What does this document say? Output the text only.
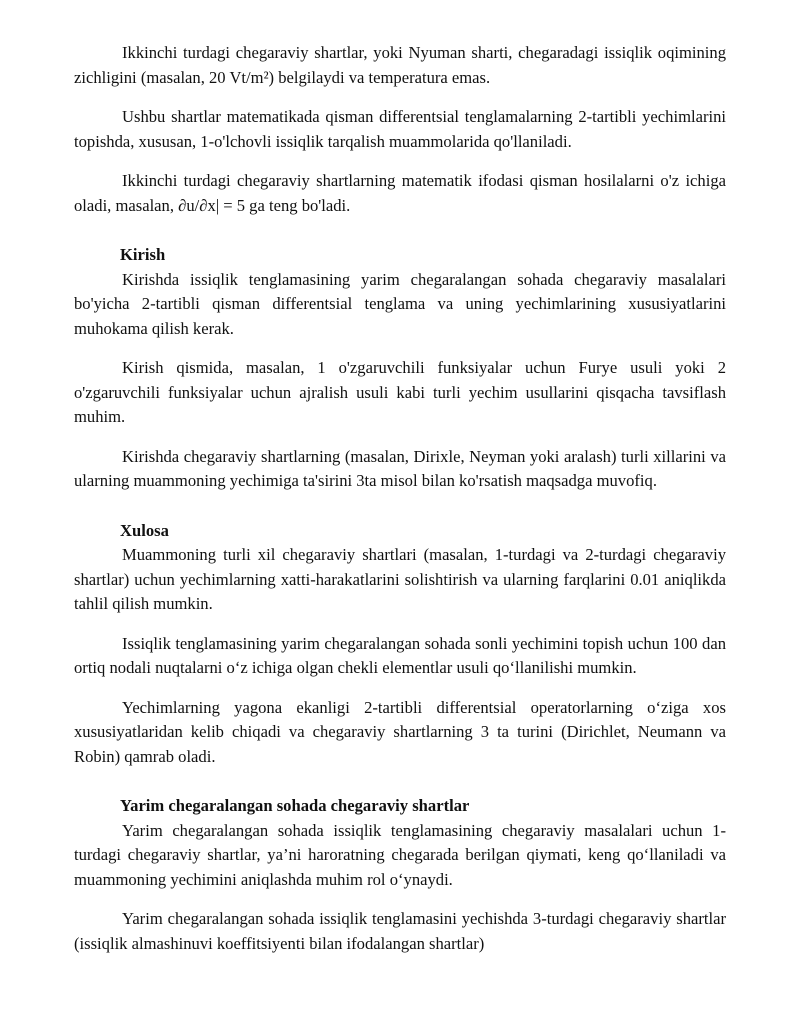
Ikkinchi turdagi chegaraviy shartlar, yoki Nyuman sharti, chegaradagi issiqlik oqimining zichligini (masalan, 20 Vt/m²) belgilaydi va temperatura emas.

Ushbu shartlar matematikada qisman differentsial tenglamalarning 2-tartibli yechimlarini topishda, xususan, 1-o'lchovli issiqlik tarqalish muammolarida qo'llaniladi.

Ikkinchi turdagi chegaraviy shartlarning matematik ifodasi qisman hosilalarni o'z ichiga oladi, masalan, ∂u/∂x| = 5 ga teng bo'ladi.

Kirish

Kirishda issiqlik tenglamasining yarim chegaralangan sohada chegaraviy masalalari bo'yicha 2-tartibli qisman differentsial tenglama va uning yechimlarining xususiyatlarini muhokama qilish kerak.

Kirish qismida, masalan, 1 o'zgaruvchili funksiyalar uchun Furye usuli yoki 2 o'zgaruvchili funksiyalar uchun ajralish usuli kabi turli yechim usullarini qisqacha tavsiflash muhim.

Kirishda chegaraviy shartlarning (masalan, Dirixle, Neyman yoki aralash) turli xillarini va ularning muammoning yechimiga ta'sirini 3ta misol bilan ko'rsatish maqsadga muvofiq.

Xulosa

Muammoning turli xil chegaraviy shartlari (masalan, 1-turdagi va 2-turdagi chegaraviy shartlar) uchun yechimlarning xatti-harakatlarini solishtirish va ularning farqlarini 0.01 aniqlikda tahlil qilish mumkin.

Issiqlik tenglamasining yarim chegaralangan sohada sonli yechimini topish uchun 100 dan ortiq nodali nuqtalarni o‘z ichiga olgan chekli elementlar usuli qo‘llanilishi mumkin.

Yechimlarning yagona ekanligi 2-tartibli differentsial operatorlarning o‘ziga xos xususiyatlaridan kelib chiqadi va chegaraviy shartlarning 3 ta turini (Dirichlet, Neumann va Robin) qamrab oladi.

Yarim chegaralangan sohada chegaraviy shartlar

Yarim chegaralangan sohada issiqlik tenglamasining chegaraviy masalalari uchun 1-turdagi chegaraviy shartlar, ya’ni haroratning chegarada berilgan qiymati, keng qo‘llaniladi va muammoning yechimini aniqlashda muhim rol o‘ynaydi.

Yarim chegaralangan sohada issiqlik tenglamasini yechishda 3-turdagi chegaraviy shartlar (issiqlik almashinuvi koeffitsiyenti bilan ifodalangan shartlar)
